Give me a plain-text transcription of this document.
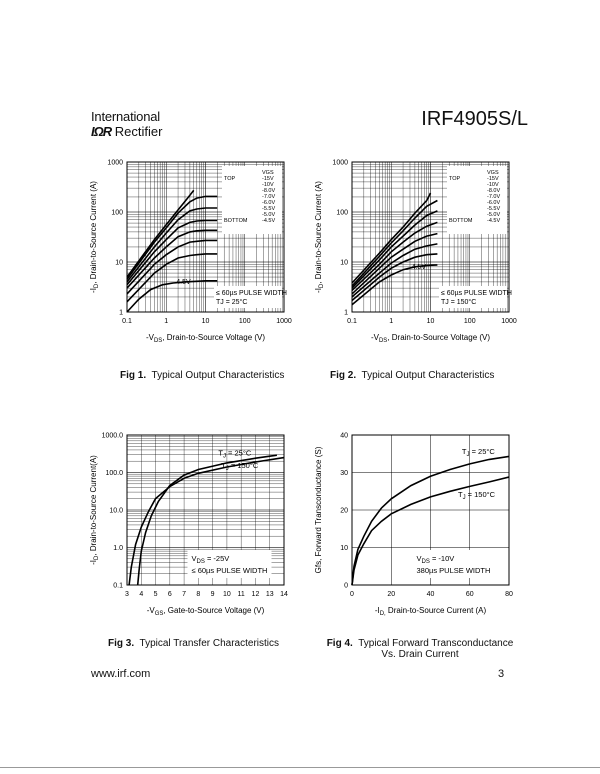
International
IΩR Rectifier
IRF4905S/L
0.1	1	10	100	1000
1
10
100
1000
$-V_{DS}$, Drain-to-Source Voltage (V)
$-I_D$, Drain-to-Source Current (A)
VGS
TOP
BOTTOM
-15V
-10V
-8.0V
-7.0V
-6.0V
-5.5V
-5.0V
-4.5V
4.5V
≤ 60µs PULSE WIDTH
TJ = 25°C
0.1	1	10	100	1000
1
10
100
1000
$-V_{DS}$, Drain-to-Source Voltage (V)
$-I_D$, Drain-to-Source Current (A)
VGS
TOP
BOTTOM
-15V
-10V
-8.0V
-7.0V
-6.0V
-5.5V
-5.0V
-4.5V
4.5V
≤ 60µs PULSE WIDTH
TJ = 150°C
3 4 5 6 7 8 9 10 11 12 13 14
0.1
1.0
10.0
100.0
1000.0
$-V_{GS}$, Gate-to-Source Voltage (V)
$-I_D$, Drain-to-Source Current(A)
$T_J = 25^\circ C$
$T_J = 150^\circ C$
$V_{DS} = -25V$
≤ 60µs PULSE WIDTH
0	20	40	60	80
0
10
20
30
40
$-I_{D,}$ Drain-to-Source Current (A)
Gfs, Forward Transconductance (S)	$T_J = 25^\circ C$
$T_J = 150^\circ C$
$V_{DS} = -10V$
380µs PULSE WIDTH
Fig 1. Typical Output Characteristics	Fig 2. Typical Output Characteristics
Fig 3. Typical Transfer Characteristics	Fig 4. Typical Forward Transconductance
Vs. Drain Current
www.irf.com	3
